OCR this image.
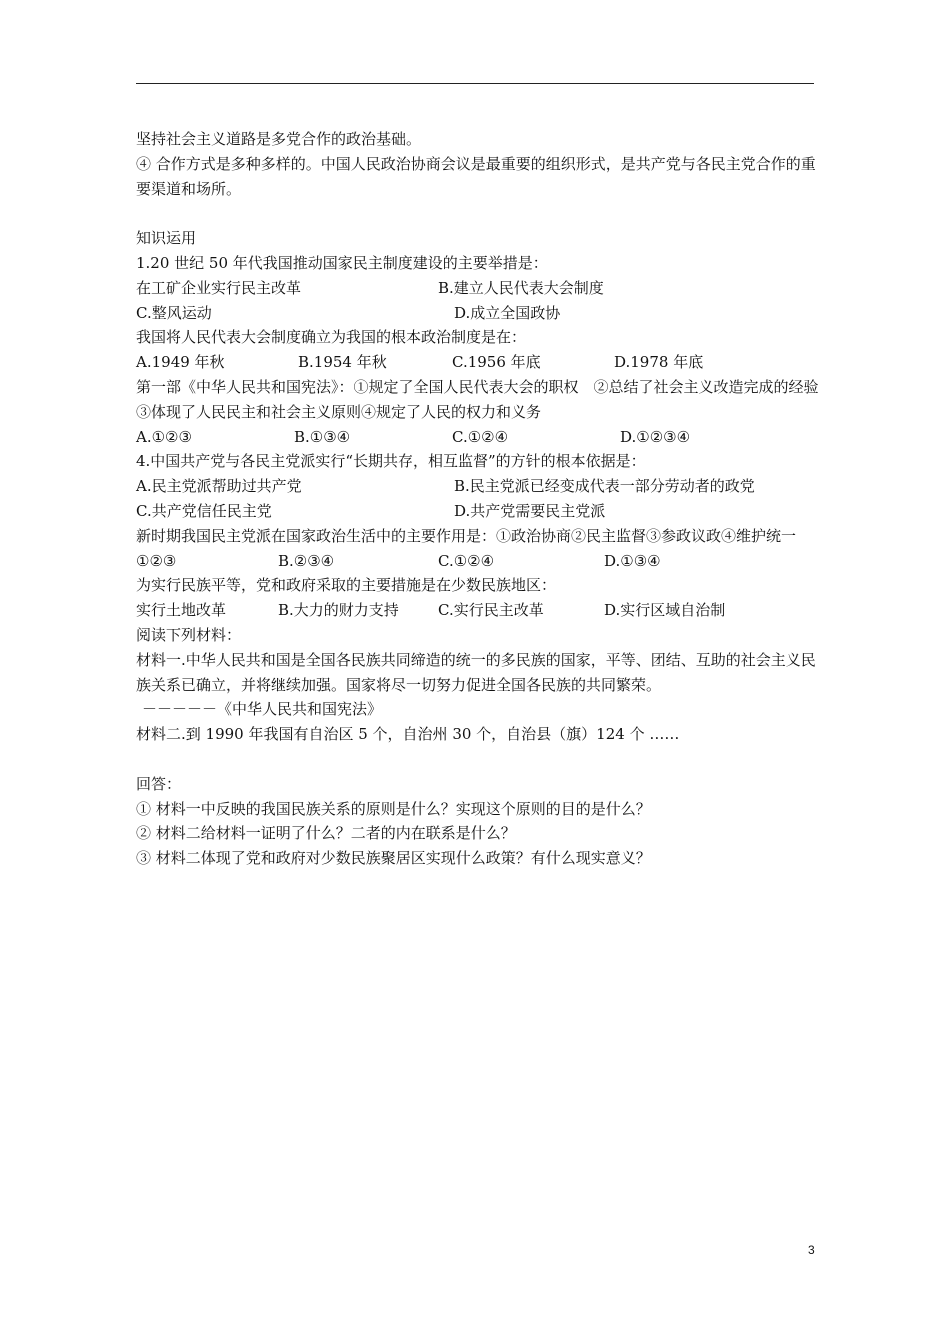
坚持社会主义道路是多党合作的政治基础。
④ 合作方式是多种多样的。中国人民政治协商会议是最重要的组织形式，是共产党与各民主党合作的重要渠道和场所。
知识运用
1.20 世纪 50 年代我国推动国家民主制度建设的主要举措是：
在工矿企业实行民主改革	B.建立人民代表大会制度
C.整风运动	D.成立全国政协
我国将人民代表大会制度确立为我国的根本政治制度是在：
A.1949 年秋	B.1954 年秋	C.1956 年底	D.1978 年底
第一部《中华人民共和国宪法》：①规定了全国人民代表大会的职权　②总结了社会主义改造完成的经验③体现了人民民主和社会主义原则④规定了人民的权力和义务
A.①②③	B.①③④	C.①②④	D.①②③④
4.中国共产党与各民主党派实行“长期共存，相互监督”的方针的根本依据是：
A.民主党派帮助过共产党	B.民主党派已经变成代表一部分劳动者的政党
C.共产党信任民主党	D.共产党需要民主党派
新时期我国民主党派在国家政治生活中的主要作用是：①政治协商②民主监督③参政议政④维护统一
①②③	B.②③④	C.①②④	D.①③④
为实行民族平等，党和政府采取的主要措施是在少数民族地区：
实行土地改革	B.大力的财力支持	C.实行民主改革	D.实行区域自治制
阅读下列材料：
材料一.中华人民共和国是全国各民族共同缔造的统一的多民族的国家，平等、团结、互助的社会主义民族关系已确立，并将继续加强。国家将尽一切努力促进全国各民族的共同繁荣。
－－－－－《中华人民共和国宪法》
材料二.到 1990 年我国有自治区 5 个，自治州 30 个，自治县（旗）124 个 ……
回答：
① 材料一中反映的我国民族关系的原则是什么？实现这个原则的目的是什么？
② 材料二给材料一证明了什么？二者的内在联系是什么？
③ 材料二体现了党和政府对少数民族聚居区实现什么政策？有什么现实意义？
3
